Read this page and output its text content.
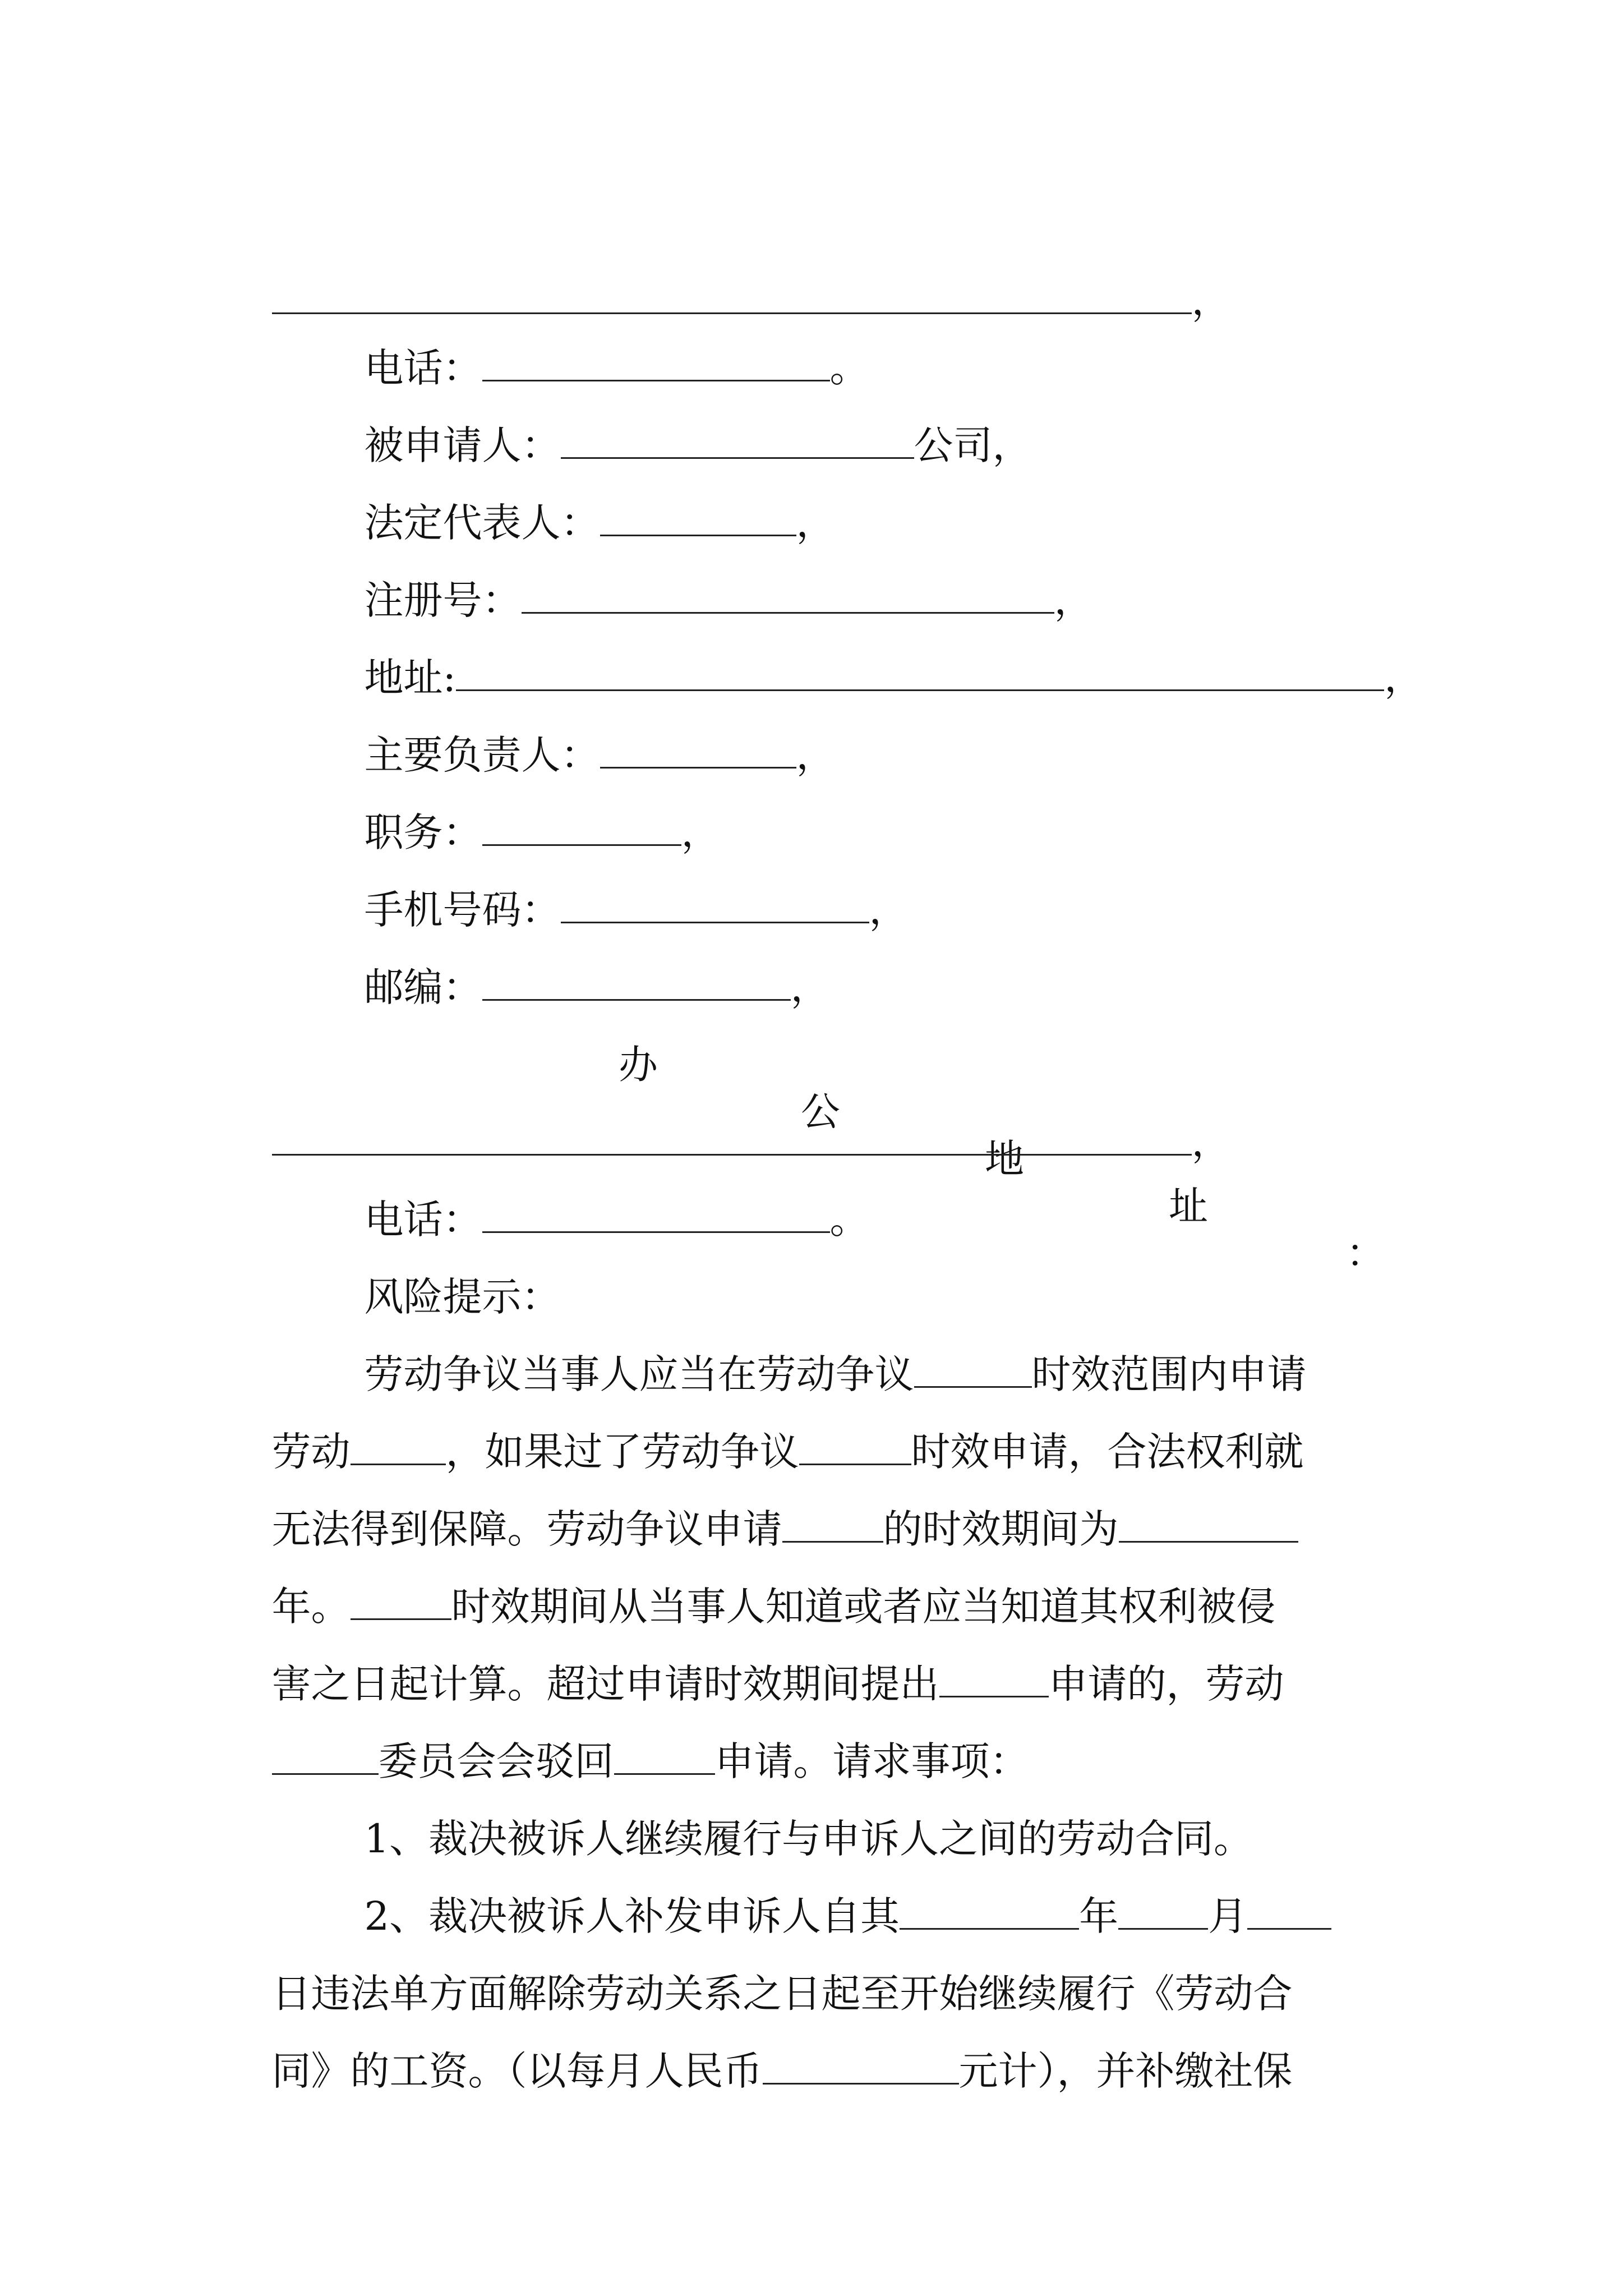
，

电话：	。

被申请人：	公司，

法定代表人：	，

注册号：	，

地址:	，

主要负责人：	，

职务：	，

手机号码：	，

邮编：	，

办

公

地

址

：

，

电话：	。

风险提示：

劳动争议当事人应当在劳动争议	时效范围内申请

劳动 ，如果过了劳动争议	时效申请，合法权利就

无法得到保障。劳动争议申请	的时效期间为

年。	时效期间从当事人知道或者应当知道其权利被侵

害之日起计算。超过申请时效期间提出	申请的，劳动

委员会会驳回	申请。请求事项：

1、裁决被诉人继续履行与申诉人之间的劳动合同。

2、裁决被诉人补发申诉人自其	年 月

日违法单方面解除劳动关系之日起至开始继续履行《劳动合

同》的工资。（以每月人民币	元计），并补缴社保
